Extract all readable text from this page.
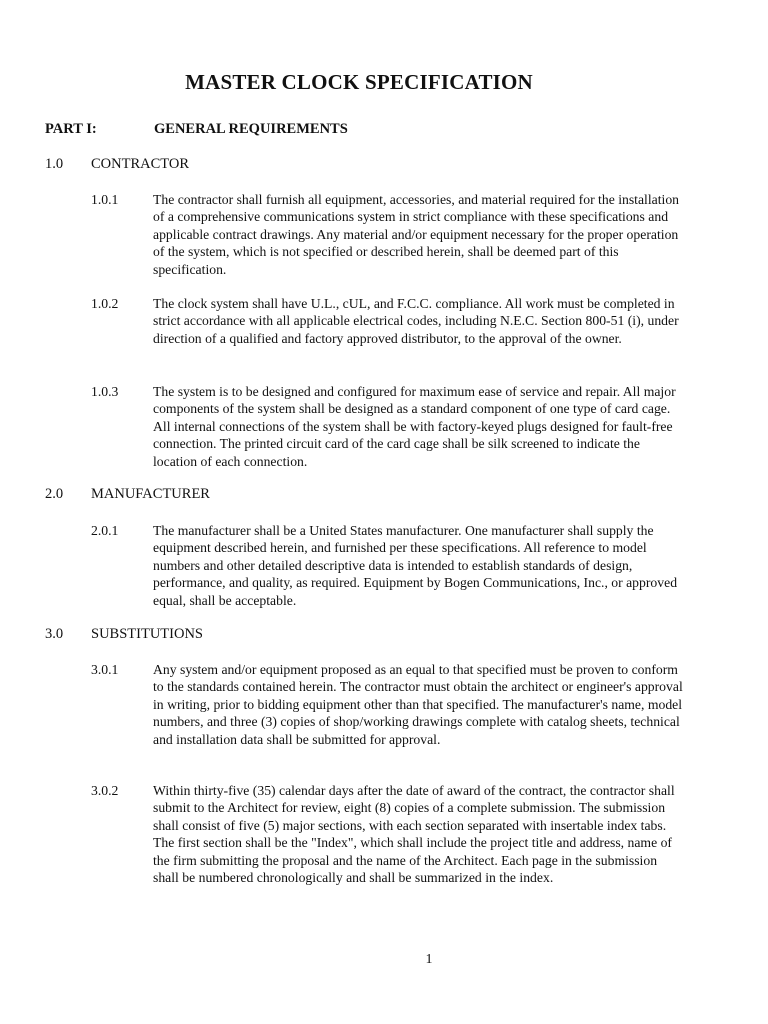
MASTER CLOCK SPECIFICATION
PART I:	GENERAL REQUIREMENTS
1.0 CONTRACTOR
1.0.1	The contractor shall furnish all equipment, accessories, and material required for the installation of a comprehensive communications system in strict compliance with these specifications and applicable contract drawings. Any material and/or equipment necessary for the proper operation of the system, which is not specified or described herein, shall be deemed part of this specification.
1.0.2	The clock system shall have U.L., cUL, and F.C.C. compliance. All work must be completed in strict accordance with all applicable electrical codes, including N.E.C. Section 800-51 (i), under direction of a qualified and factory approved distributor, to the approval of the owner.
1.0.3	The system is to be designed and configured for maximum ease of service and repair. All major components of the system shall be designed as a standard component of one type of card cage. All internal connections of the system shall be with factory-keyed plugs designed for fault-free connection. The printed circuit card of the card cage shall be silk screened to indicate the location of each connection.
2.0 MANUFACTURER
2.0.1	The manufacturer shall be a United States manufacturer. One manufacturer shall supply the equipment described herein, and furnished per these specifications. All reference to model numbers and other detailed descriptive data is intended to establish standards of design, performance, and quality, as required. Equipment by Bogen Communications, Inc., or approved equal, shall be acceptable.
3.0 SUBSTITUTIONS
3.0.1	Any system and/or equipment proposed as an equal to that specified must be proven to conform to the standards contained herein. The contractor must obtain the architect or engineer's approval in writing, prior to bidding equipment other than that specified. The manufacturer's name, model numbers, and three (3) copies of shop/working drawings complete with catalog sheets, technical and installation data shall be submitted for approval.
3.0.2	Within thirty-five (35) calendar days after the date of award of the contract, the contractor shall submit to the Architect for review, eight (8) copies of a complete submission. The submission shall consist of five (5) major sections, with each section separated with insertable index tabs. The first section shall be the "Index", which shall include the project title and address, name of the firm submitting the proposal and the name of the Architect. Each page in the submission shall be numbered chronologically and shall be summarized in the index.
1
